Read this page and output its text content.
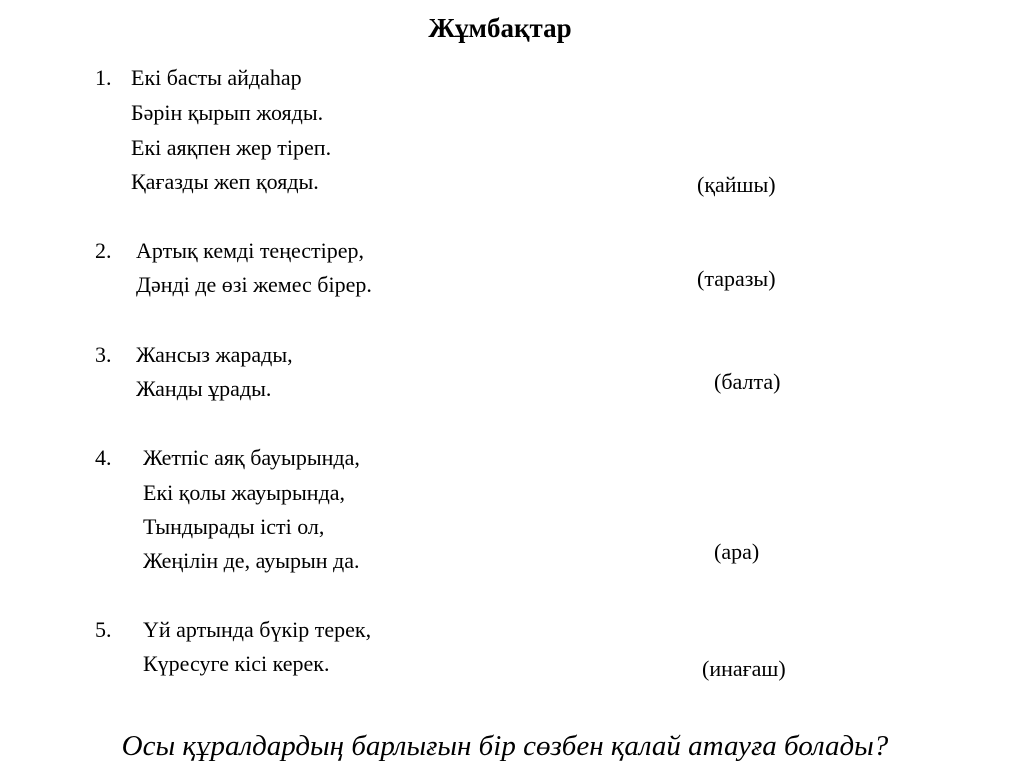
Жұмбақтар
1. Екі басты айдаһар
Бәрін қырып жояды.
Екі аяқпен жер тіреп.
Қағазды жеп қояды.	(қайшы)
2. Артық кемді теңестірер,
Дәнді де өзі жемес бірер.	(таразы)
3. Жансыз жарады,
Жанды ұрады.	(балта)
4. Жетпіс аяқ бауырында,
Екі қолы жауырында,
Тындырады істі ол,
Жеңілін де, ауырын да.	(ара)
5. Үй артында бүкір терек,
Күресуге кісі керек.	(инағаш)
Осы құралдардың барлығын бір сөзбен қалай атауға болады?
